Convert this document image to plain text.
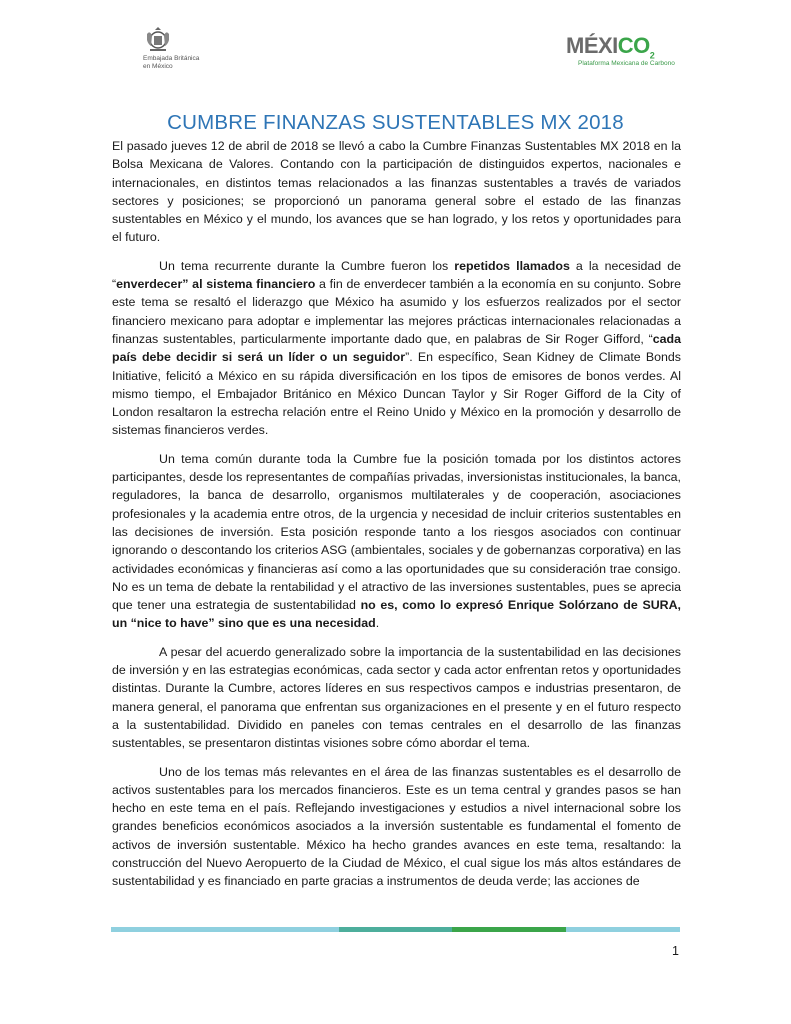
Embajada Británica
en México
$MÉXICO_2$
Plataforma Mexicana de Carbono
CUMBRE FINANZAS SUSTENTABLES MX 2018

El pasado jueves 12 de abril de 2018 se llevó a cabo la Cumbre Finanzas Sustentables MX 2018 en la Bolsa Mexicana de Valores. Contando con la participación de distinguidos expertos, nacionales e internacionales, en distintos temas relacionados a las finanzas sustentables a través de variados sectores y posiciones; se proporcionó un panorama general sobre el estado de las finanzas sustentables en México y el mundo, los avances que se han logrado, y los retos y oportunidades para el futuro.

Un tema recurrente durante la Cumbre fueron los repetidos llamados a la necesidad de “enverdecer” al sistema financiero a fin de enverdecer también a la economía en su conjunto. Sobre este tema se resaltó el liderazgo que México ha asumido y los esfuerzos realizados por el sector financiero mexicano para adoptar e implementar las mejores prácticas internacionales relacionadas a finanzas sustentables, particularmente importante dado que, en palabras de Sir Roger Gifford, “cada país debe decidir si será un líder o un seguidor”. En específico, Sean Kidney de Climate Bonds Initiative, felicitó a México en su rápida diversificación en los tipos de emisores de bonos verdes. Al mismo tiempo, el Embajador Británico en México Duncan Taylor y Sir Roger Gifford de la City of London resaltaron la estrecha relación entre el Reino Unido y México en la promoción y desarrollo de sistemas financieros verdes.

Un tema común durante toda la Cumbre fue la posición tomada por los distintos actores participantes, desde los representantes de compañías privadas, inversionistas institucionales, la banca, reguladores, la banca de desarrollo, organismos multilaterales y de cooperación, asociaciones profesionales y la academia entre otros, de la urgencia y necesidad de incluir criterios sustentables en las decisiones de inversión. Esta posición responde tanto a los riesgos asociados con continuar ignorando o descontando los criterios ASG (ambientales, sociales y de gobernanzas corporativa) en las actividades económicas y financieras así como a las oportunidades que su consideración trae consigo. No es un tema de debate la rentabilidad y el atractivo de las inversiones sustentables, pues se aprecia que tener una estrategia de sustentabilidad no es, como lo expresó Enrique Solórzano de SURA, un “nice to have” sino que es una necesidad.

A pesar del acuerdo generalizado sobre la importancia de la sustentabilidad en las decisiones de inversión y en las estrategias económicas, cada sector y cada actor enfrentan retos y oportunidades distintas. Durante la Cumbre, actores líderes en sus respectivos campos e industrias presentaron, de manera general, el panorama que enfrentan sus organizaciones en el presente y en el futuro respecto a la sustentabilidad. Dividido en paneles con temas centrales en el desarrollo de las finanzas sustentables, se presentaron distintas visiones sobre cómo abordar el tema.

Uno de los temas más relevantes en el área de las finanzas sustentables es el desarrollo de activos sustentables para los mercados financieros. Este es un tema central y grandes pasos se han hecho en este tema en el país. Reflejando investigaciones y estudios a nivel internacional sobre los grandes beneficios económicos asociados a la inversión sustentable es fundamental el fomento de activos de inversión sustentable. México ha hecho grandes avances en este tema, resaltando: la construcción del Nuevo Aeropuerto de la Ciudad de México, el cual sigue los más altos estándares de sustentabilidad y es financiado en parte gracias a instrumentos de deuda verde; las acciones de

1
